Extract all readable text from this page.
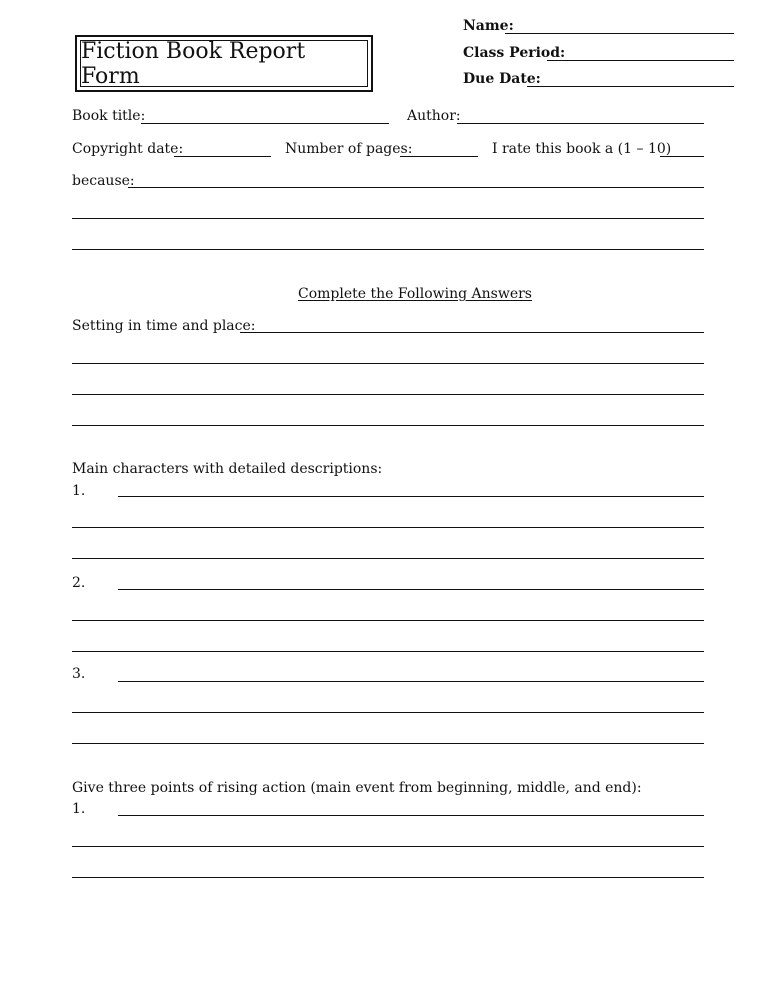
Fiction Book Report Form
Name:
Class Period:
Due Date:
Book title:	Author:
Copyright date:	Number of pages:	I rate this book a (1 – 10)
because:
Complete the Following Answers
Setting in time and place:
Main characters with detailed descriptions:
1.
2.
3.
Give three points of rising action (main event from beginning, middle, and end):
1.
